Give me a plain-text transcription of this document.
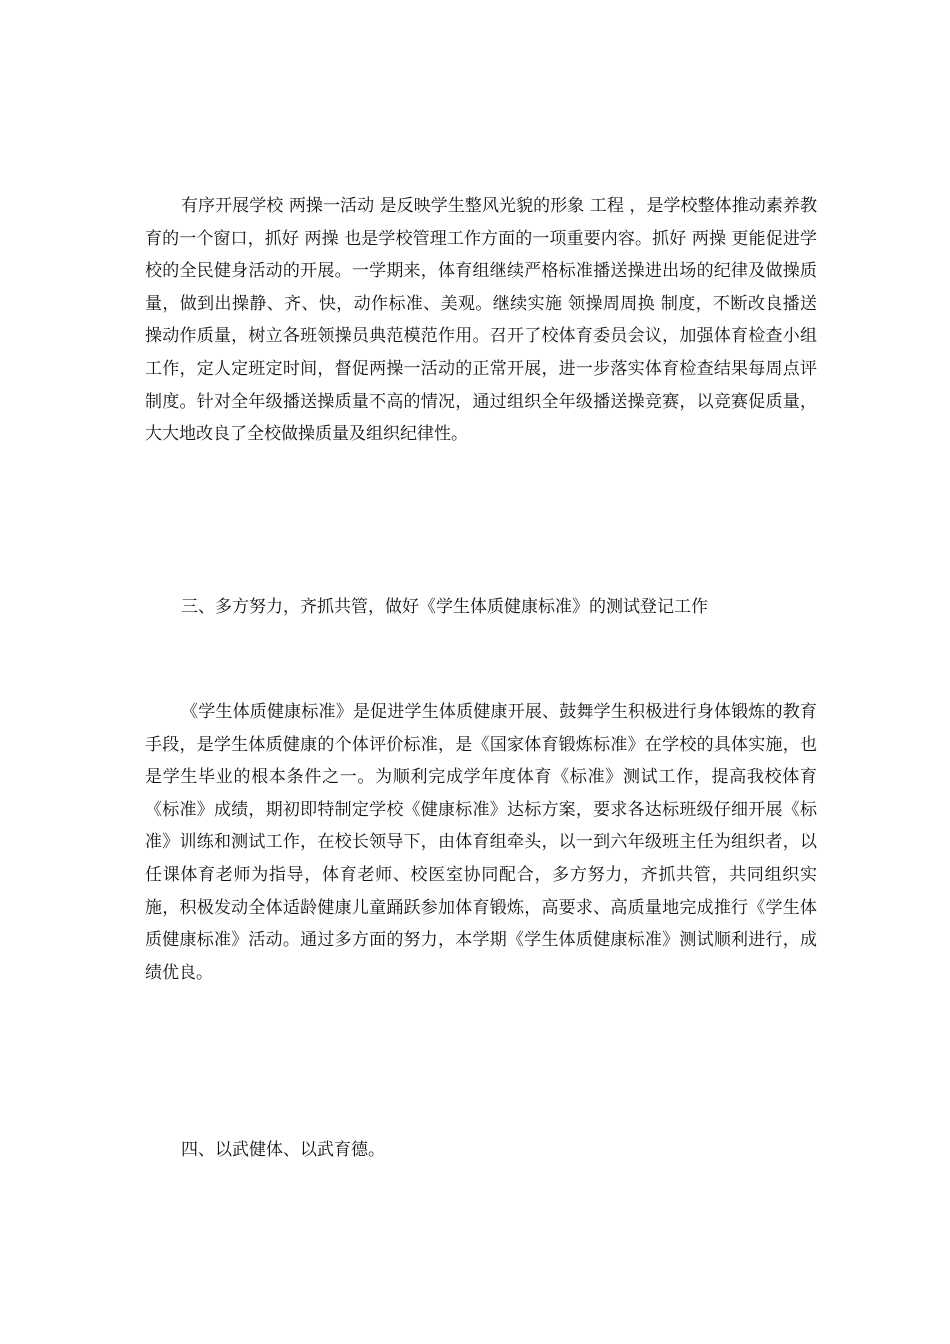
有序开展学校 两操一活动 是反映学生整风光貌的形象 工程 ，是学校整体推动素养教育的一个窗口，抓好 两操 也是学校管理工作方面的一项重要内容。抓好 两操 更能促进学校的全民健身活动的开展。一学期来，体育组继续严格标准播送操进出场的纪律及做操质量，做到出操静、齐、快，动作标准、美观。继续实施 领操周周换 制度，不断改良播送操动作质量，树立各班领操员典范模范作用。召开了校体育委员会议，加强体育检查小组工作，定人定班定时间，督促两操一活动的正常开展，进一步落实体育检查结果每周点评制度。针对全年级播送操质量不高的情况，通过组织全年级播送操竞赛，以竞赛促质量，大大地改良了全校做操质量及组织纪律性。

三、多方努力，齐抓共管，做好《学生体质健康标准》的测试登记工作

《学生体质健康标准》是促进学生体质健康开展、鼓舞学生积极进行身体锻炼的教育手段，是学生体质健康的个体评价标准，是《国家体育锻炼标准》在学校的具体实施，也是学生毕业的根本条件之一。为顺利完成学年度体育《标准》测试工作，提高我校体育《标准》成绩，期初即特制定学校《健康标准》达标方案，要求各达标班级仔细开展《标准》训练和测试工作，在校长领导下，由体育组牵头，以一到六年级班主任为组织者，以任课体育老师为指导，体育老师、校医室协同配合，多方努力，齐抓共管，共同组织实施，积极发动全体适龄健康儿童踊跃参加体育锻炼，高要求、高质量地完成推行《学生体质健康标准》活动。通过多方面的努力，本学期《学生体质健康标准》测试顺利进行，成绩优良。

四、以武健体、以武育德。
